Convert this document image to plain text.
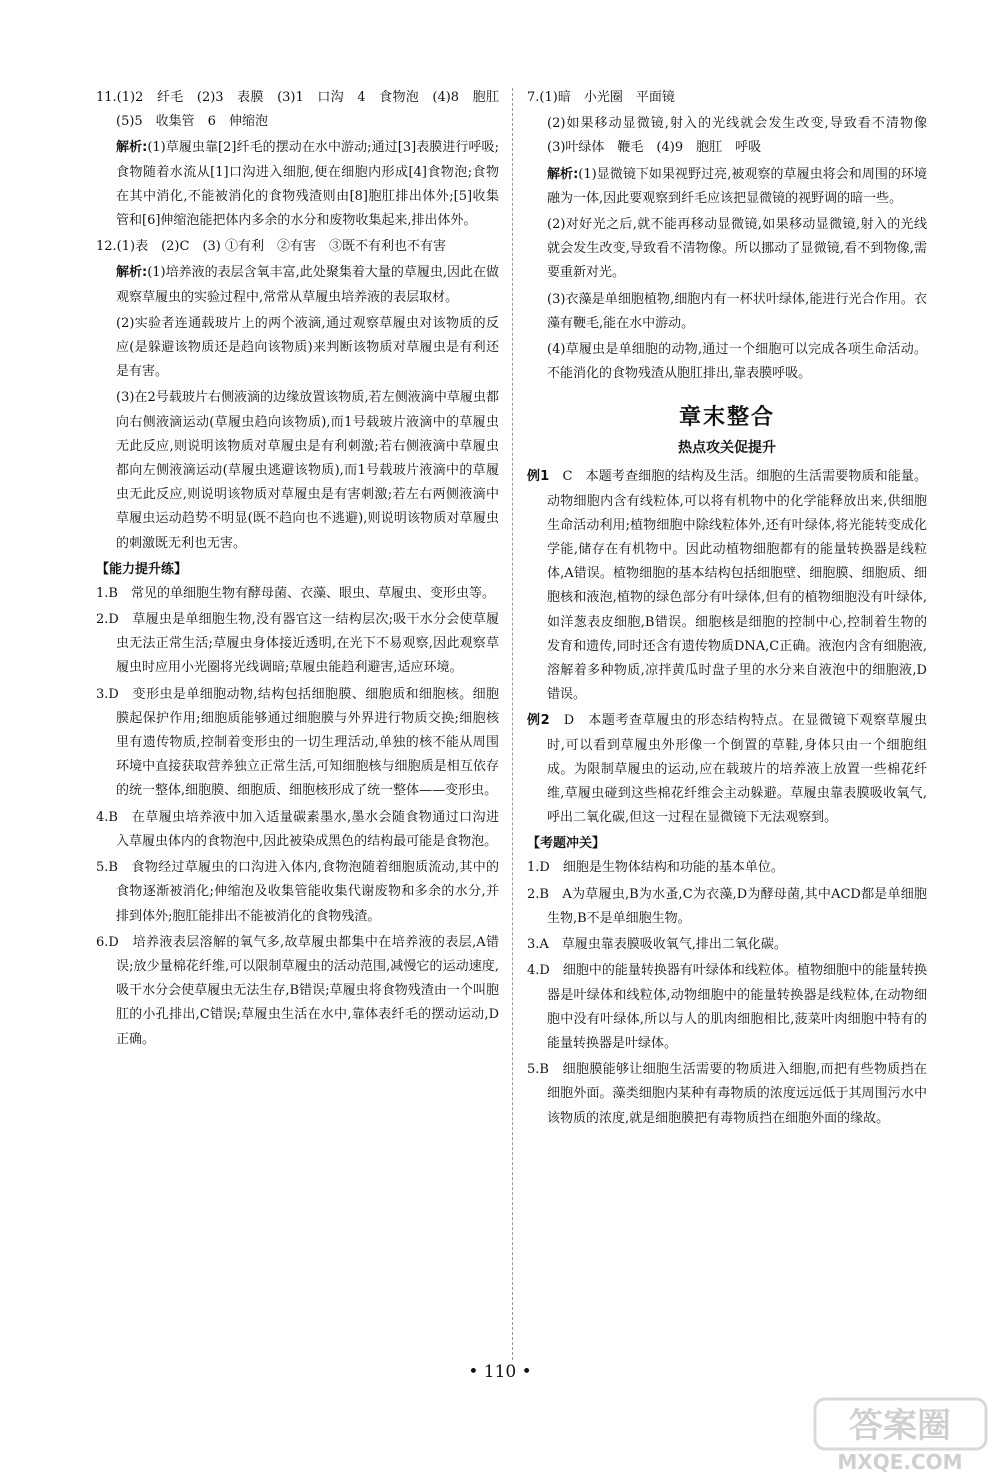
11.(1)2　纤毛　(2)3　表膜　(3)1　口沟　4　食物泡　(4)8　胞肛　(5)5　收集管　6　伸缩泡
解析:(1)草履虫靠[2]纤毛的摆动在水中游动;通过[3]表膜进行呼吸;食物随着水流从[1]口沟进入细胞,便在细胞内形成[4]食物泡;食物在其中消化,不能被消化的食物残渣则由[8]胞肛排出体外;[5]收集管和[6]伸缩泡能把体内多余的水分和废物收集起来,排出体外。
12.(1)表　(2)C　(3) ①有利　②有害　③既不有利也不有害
解析:(1)培养液的表层含氧丰富,此处聚集着大量的草履虫,因此在做观察草履虫的实验过程中,常常从草履虫培养液的表层取材。
(2)实验者连通载玻片上的两个液滴,通过观察草履虫对该物质的反应(是躲避该物质还是趋向该物质)来判断该物质对草履虫是有利还是有害。
(3)在2号载玻片右侧液滴的边缘放置该物质,若左侧液滴中草履虫都向右侧液滴运动(草履虫趋向该物质),而1号载玻片液滴中的草履虫无此反应,则说明该物质对草履虫是有利刺激;若右侧液滴中草履虫都向左侧液滴运动(草履虫逃避该物质),而1号载玻片液滴中的草履虫无此反应,则说明该物质对草履虫是有害刺激;若左右两侧液滴中草履虫运动趋势不明显(既不趋向也不逃避),则说明该物质对草履虫的刺激既无利也无害。
【能力提升练】
1.B　常见的单细胞生物有酵母菌、衣藻、眼虫、草履虫、变形虫等。
2.D　草履虫是单细胞生物,没有器官这一结构层次;吸干水分会使草履虫无法正常生活;草履虫身体接近透明,在光下不易观察,因此观察草履虫时应用小光圈将光线调暗;草履虫能趋利避害,适应环境。
3.D　变形虫是单细胞动物,结构包括细胞膜、细胞质和细胞核。细胞膜起保护作用;细胞质能够通过细胞膜与外界进行物质交换;细胞核里有遗传物质,控制着变形虫的一切生理活动,单独的核不能从周围环境中直接获取营养独立正常生活,可知细胞核与细胞质是相互依存的统一整体,细胞膜、细胞质、细胞核形成了统一整体——变形虫。
4.B　在草履虫培养液中加入适量碳素墨水,墨水会随食物通过口沟进入草履虫体内的食物泡中,因此被染成黑色的结构最可能是食物泡。
5.B　食物经过草履虫的口沟进入体内,食物泡随着细胞质流动,其中的食物逐渐被消化;伸缩泡及收集管能收集代谢废物和多余的水分,并排到体外;胞肛能排出不能被消化的食物残渣。
6.D　培养液表层溶解的氧气多,故草履虫都集中在培养液的表层,A错误;放少量棉花纤维,可以限制草履虫的活动范围,减慢它的运动速度,吸干水分会使草履虫无法生存,B错误;草履虫将食物残渣由一个叫胞肛的小孔排出,C错误;草履虫生活在水中,靠体表纤毛的摆动运动,D正确。
7.(1)暗　小光圈　平面镜
(2)如果移动显微镜,射入的光线就会发生改变,导致看不清物像　(3)叶绿体　鞭毛　(4)9　胞肛　呼吸
解析:(1)显微镜下如果视野过亮,被观察的草履虫将会和周围的环境融为一体,因此要观察到纤毛应该把显微镜的视野调的暗一些。
(2)对好光之后,就不能再移动显微镜,如果移动显微镜,射入的光线就会发生改变,导致看不清物像。所以挪动了显微镜,看不到物像,需要重新对光。
(3)衣藻是单细胞植物,细胞内有一杯状叶绿体,能进行光合作用。衣藻有鞭毛,能在水中游动。
(4)草履虫是单细胞的动物,通过一个细胞可以完成各项生命活动。不能消化的食物残渣从胞肛排出,靠表膜呼吸。
章末整合
热点攻关促提升
例1　C　本题考查细胞的结构及生活。细胞的生活需要物质和能量。动物细胞内含有线粒体,可以将有机物中的化学能释放出来,供细胞生命活动利用;植物细胞中除线粒体外,还有叶绿体,将光能转变成化学能,储存在有机物中。因此动植物细胞都有的能量转换器是线粒体,A错误。植物细胞的基本结构包括细胞壁、细胞膜、细胞质、细胞核和液泡,植物的绿色部分有叶绿体,但有的植物细胞没有叶绿体,如洋葱表皮细胞,B错误。细胞核是细胞的控制中心,控制着生物的发育和遗传,同时还含有遗传物质DNA,C正确。液泡内含有细胞液,溶解着多种物质,凉拌黄瓜时盘子里的水分来自液泡中的细胞液,D错误。
例2　D　本题考查草履虫的形态结构特点。在显微镜下观察草履虫时,可以看到草履虫外形像一个倒置的草鞋,身体只由一个细胞组成。为限制草履虫的运动,应在载玻片的培养液上放置一些棉花纤维,草履虫碰到这些棉花纤维会主动躲避。草履虫靠表膜吸收氧气,呼出二氧化碳,但这一过程在显微镜下无法观察到。
【考题冲关】
1.D　细胞是生物体结构和功能的基本单位。
2.B　A为草履虫,B为水蚤,C为衣藻,D为酵母菌,其中ACD都是单细胞生物,B不是单细胞生物。
3.A　草履虫靠表膜吸收氧气,排出二氧化碳。
4.D　细胞中的能量转换器有叶绿体和线粒体。植物细胞中的能量转换器是叶绿体和线粒体,动物细胞中的能量转换器是线粒体,在动物细胞中没有叶绿体,所以与人的肌肉细胞相比,菠菜叶肉细胞中特有的能量转换器是叶绿体。
5.B　细胞膜能够让细胞生活需要的物质进入细胞,而把有些物质挡在细胞外面。藻类细胞内某种有毒物质的浓度远远低于其周围污水中该物质的浓度,就是细胞膜把有毒物质挡在细胞外面的缘故。
• 110 •
答案圈
MXQE.COM
